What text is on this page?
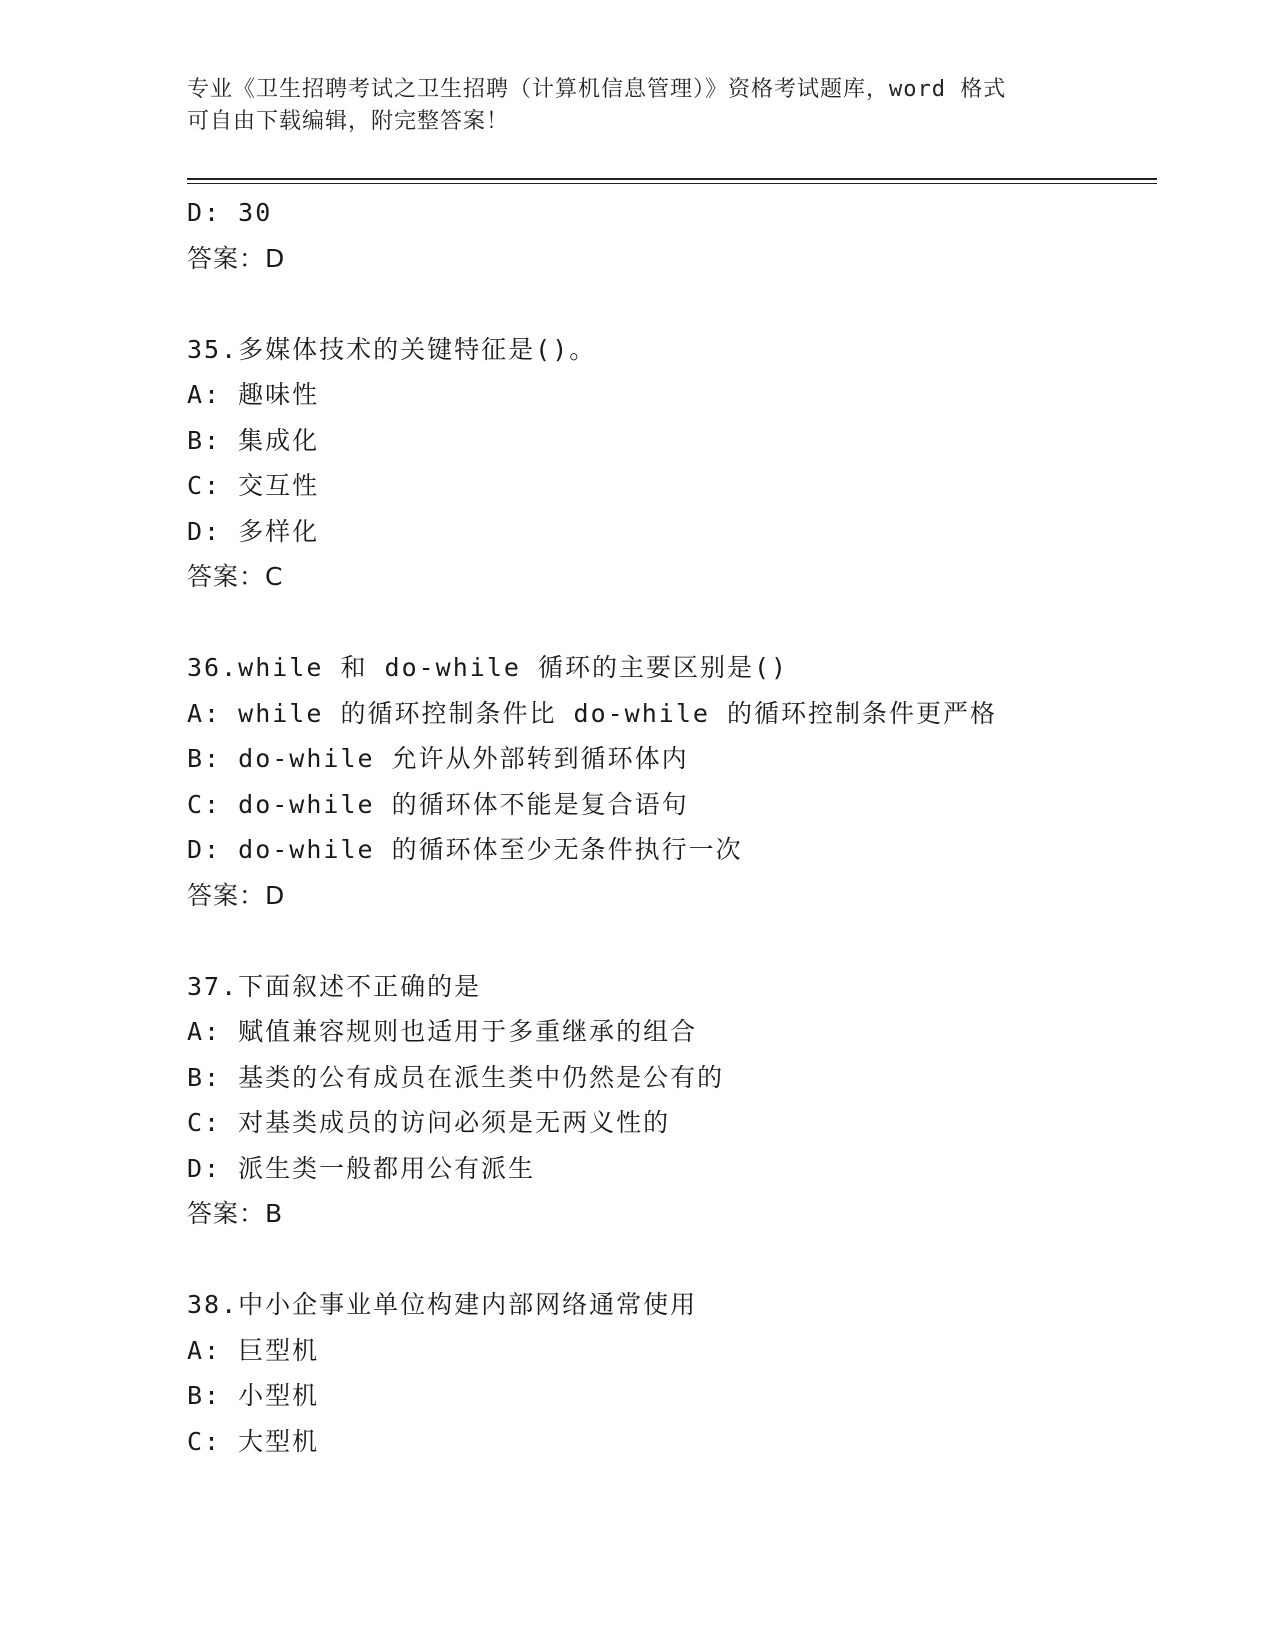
专业《卫生招聘考试之卫生招聘（计算机信息管理）》资格考试题库，word 格式
可自由下载编辑，附完整答案！
D: 30
答案：D
35.多媒体技术的关键特征是()。
A: 趣味性
B: 集成化
C: 交互性
D: 多样化
答案：C
36.while 和 do-while 循环的主要区别是()
A: while 的循环控制条件比 do-while 的循环控制条件更严格
B: do-while 允许从外部转到循环体内
C: do-while 的循环体不能是复合语句
D: do-while 的循环体至少无条件执行一次
答案：D
37.下面叙述不正确的是
A: 赋值兼容规则也适用于多重继承的组合
B: 基类的公有成员在派生类中仍然是公有的
C: 对基类成员的访问必须是无两义性的
D: 派生类一般都用公有派生
答案：B
38.中小企事业单位构建内部网络通常使用
A: 巨型机
B: 小型机
C: 大型机
